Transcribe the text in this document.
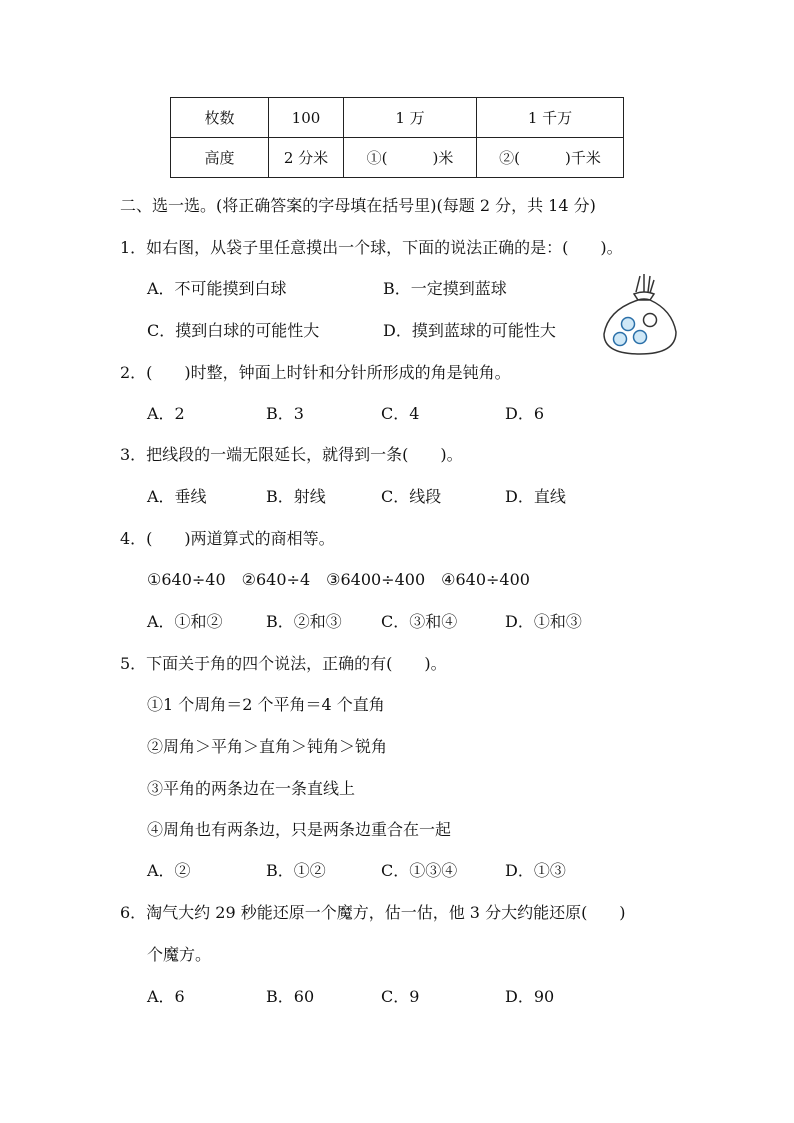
枚数	100	1 万	1 千万
高度	2 分米	①(　　　)米	②(　　　)千米
二、选一选。(将正确答案的字母填在括号里)(每题 2 分，共 14 分)
1．如右图，从袋子里任意摸出一个球，下面的说法正确的是：(　　)。
A．不可能摸到白球	B．一定摸到蓝球
C．摸到白球的可能性大	D．摸到蓝球的可能性大
2．(　　)时整，钟面上时针和分针所形成的角是钝角。
A．2	B．3	C．4	D．6
3．把线段的一端无限延长，就得到一条(　　)。
A．垂线	B．射线	C．线段	D．直线
4．(　　)两道算式的商相等。
①640÷40　②640÷4　③6400÷400　④640÷400
A．①和②	B．②和③ C．③和④	D．①和③
5．下面关于角的四个说法，正确的有(　　)。
①1 个周角＝2 个平角＝4 个直角
②周角＞平角＞直角＞钝角＞锐角
③平角的两条边在一条直线上
④周角也有两条边，只是两条边重合在一起
A．②	B．①②	C．①③④	D．①③
6．淘气大约 29 秒能还原一个魔方，估一估，他 3 分大约能还原(　　)
个魔方。
A．6	B．60	C．9	D．90
